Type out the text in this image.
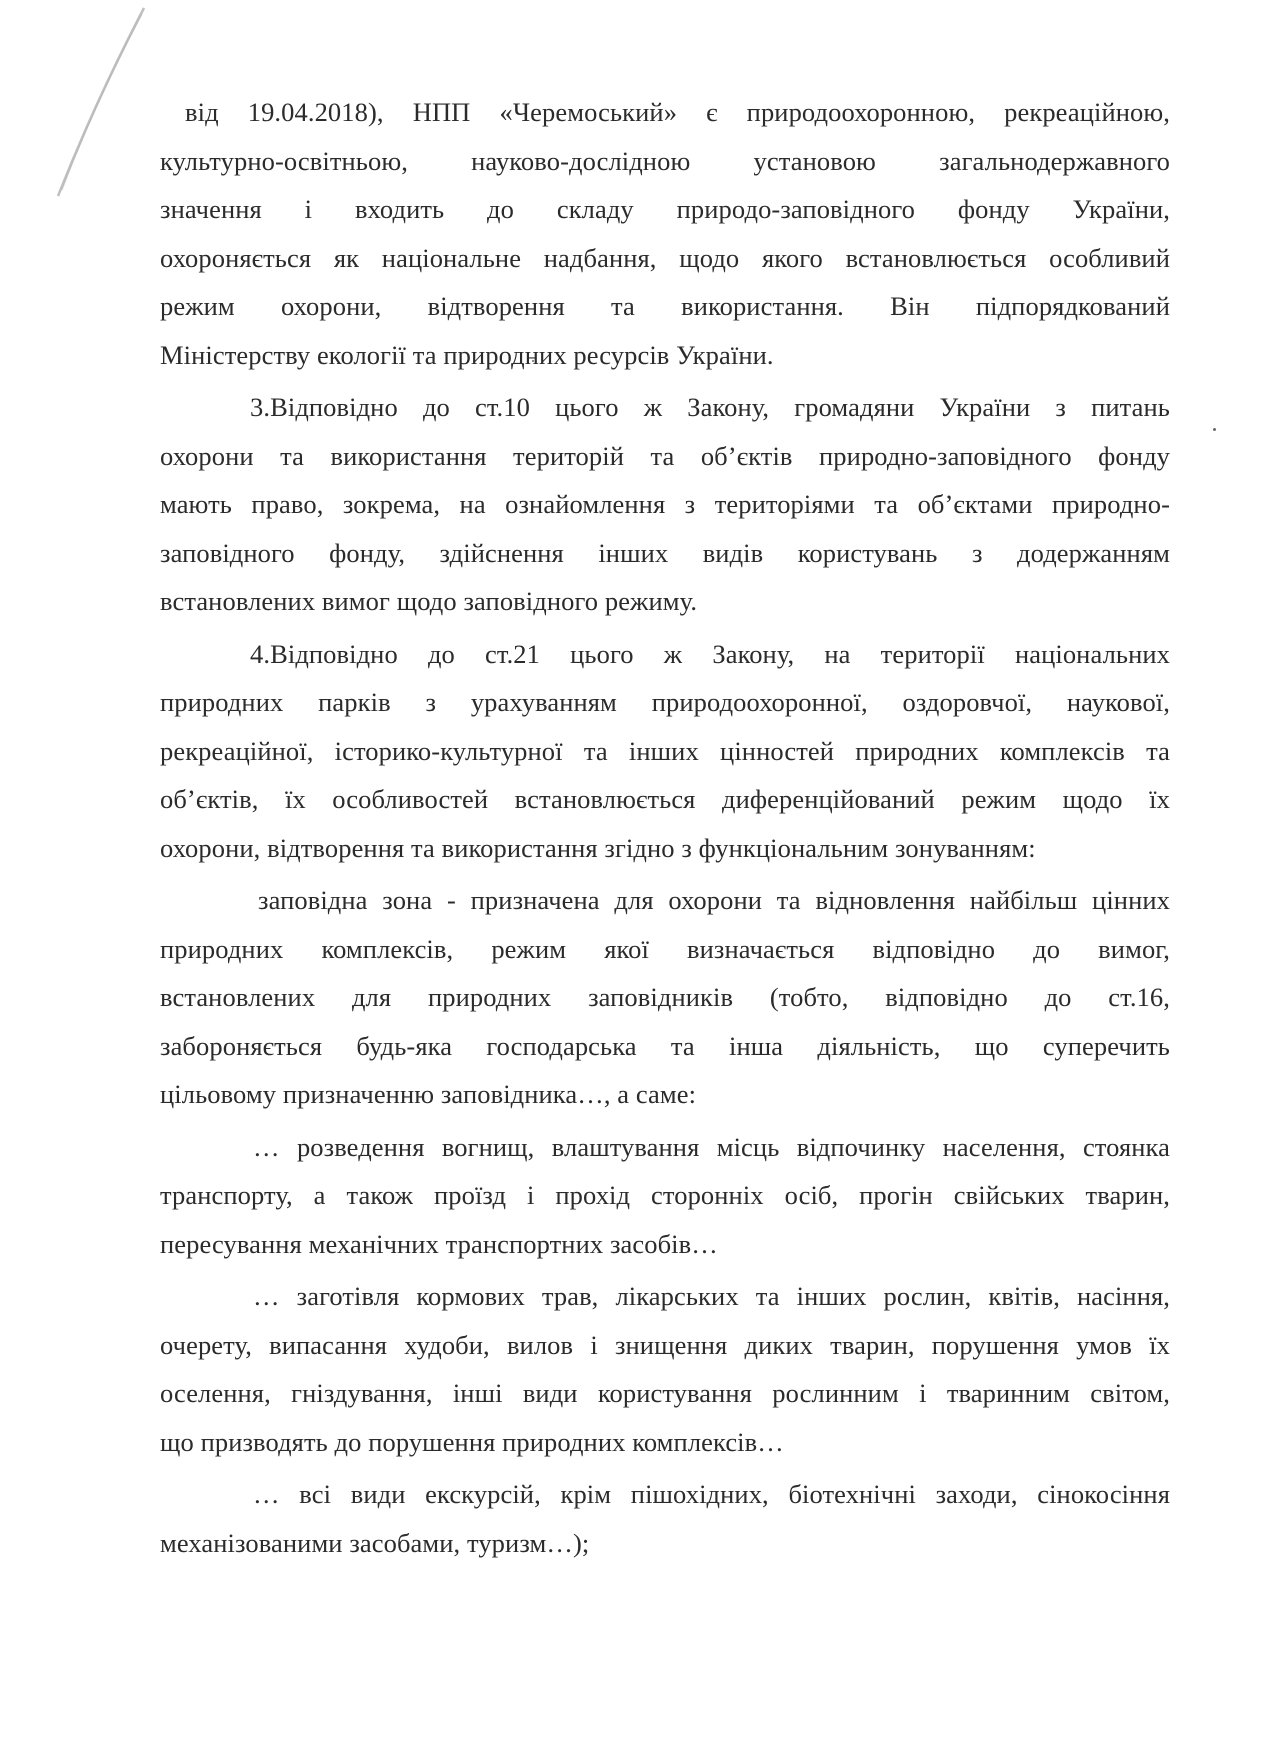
від 19.04.2018), НПП «Черемоський» є природоохоронною, рекреаційною,
культурно-освітньою, науково-дослідною установою загальнодержавного
значення і входить до складу природо-заповідного фонду України,
охороняється як національне надбання, щодо якого встановлюється особливий
режим охорони, відтворення та використання. Він підпорядкований
Міністерству екології та природних ресурсів України.
3.Відповідно до ст.10 цього ж Закону, громадяни України з питань
охорони та використання територій та об’єктів природно-заповідного фонду
мають право, зокрема, на ознайомлення з територіями та об’єктами природно-
заповідного фонду, здійснення інших видів користувань з додержанням
встановлених вимог щодо заповідного режиму.
4.Відповідно до ст.21 цього ж Закону, на території національних
природних парків з урахуванням природоохоронної, оздоровчої, наукової,
рекреаційної, історико-культурної та інших цінностей природних комплексів та
об’єктів, їх особливостей встановлюється диференційований режим щодо їх
охорони, відтворення та використання згідно з функціональним зонуванням:
заповідна зона - призначена для охорони та відновлення найбільш цінних
природних комплексів, режим якої визначається відповідно до вимог,
встановлених для природних заповідників (тобто, відповідно до ст.16,
забороняється будь-яка господарська та інша діяльність, що суперечить
цільовому призначенню заповідника…, а саме:
… розведення вогнищ, влаштування місць відпочинку населення, стоянка
транспорту, а також проїзд і прохід сторонніх осіб, прогін свійських тварин,
пересування механічних транспортних засобів…
… заготівля кормових трав, лікарських та інших рослин, квітів, насіння,
очерету, випасання худоби, вилов і знищення диких тварин, порушення умов їх
оселення, гніздування, інші види користування рослинним і тваринним світом,
що призводять до порушення природних комплексів…
… всі види екскурсій, крім пішохідних, біотехнічні заходи, сінокосіння
механізованими засобами, туризм…);
